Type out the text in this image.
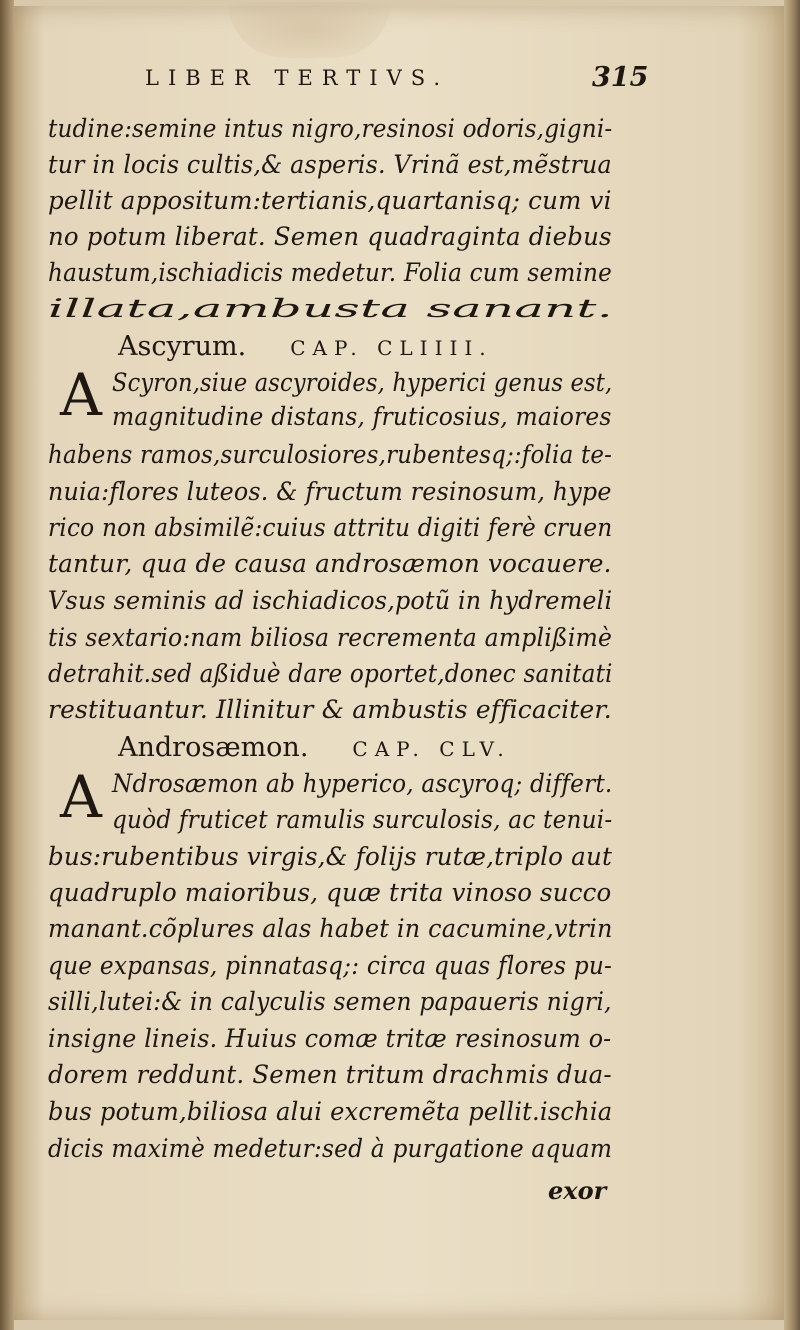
LIBER TERTIVS.	315
tudine:semine intus nigro,resinosi odoris,gigni-
tur in locis cultis,& asperis. Vrinã est,mẽstrua
pellit appositum:tertianis,quartanisq; cum vi
no potum liberat. Semen quadraginta diebus
haustum,ischiadicis medetur. Folia cum semine
illata,ambusta sanant.
Ascyrum. CAP. CLIIII.
A Scyron,siue ascyroides, hyperici genus est,
magnitudine distans, fruticosius, maiores
habens ramos,surculosiores,rubentesq;:folia te-
nuia:flores luteos. & fructum resinosum, hype
rico non absimilẽ:cuius attritu digiti ferè cruen
tantur, qua de causa androsæmon vocauere.
Vsus seminis ad ischiadicos,potũ in hydremeli
tis sextario:nam biliosa recrementa amplißimè
detrahit.sed aßiduè dare oportet,donec sanitati
restituantur. Illinitur & ambustis efficaciter.
Androsæmon. CAP. CLV.
A Ndrosæmon ab hyperico, ascyroq; differt.
quòd fruticet ramulis surculosis, ac tenui-
bus:rubentibus virgis,& folijs rutæ,triplo aut
quadruplo maioribus, quæ trita vinoso succo
manant.cõplures alas habet in cacumine,vtrin
que expansas, pinnatasq;: circa quas flores pu-
silli,lutei:& in calyculis semen papaueris nigri,
insigne lineis. Huius comæ tritæ resinosum o-
dorem reddunt. Semen tritum drachmis dua-
bus potum,biliosa alui excremẽta pellit.ischia
dicis maximè medetur:sed à purgatione aquam
exor
